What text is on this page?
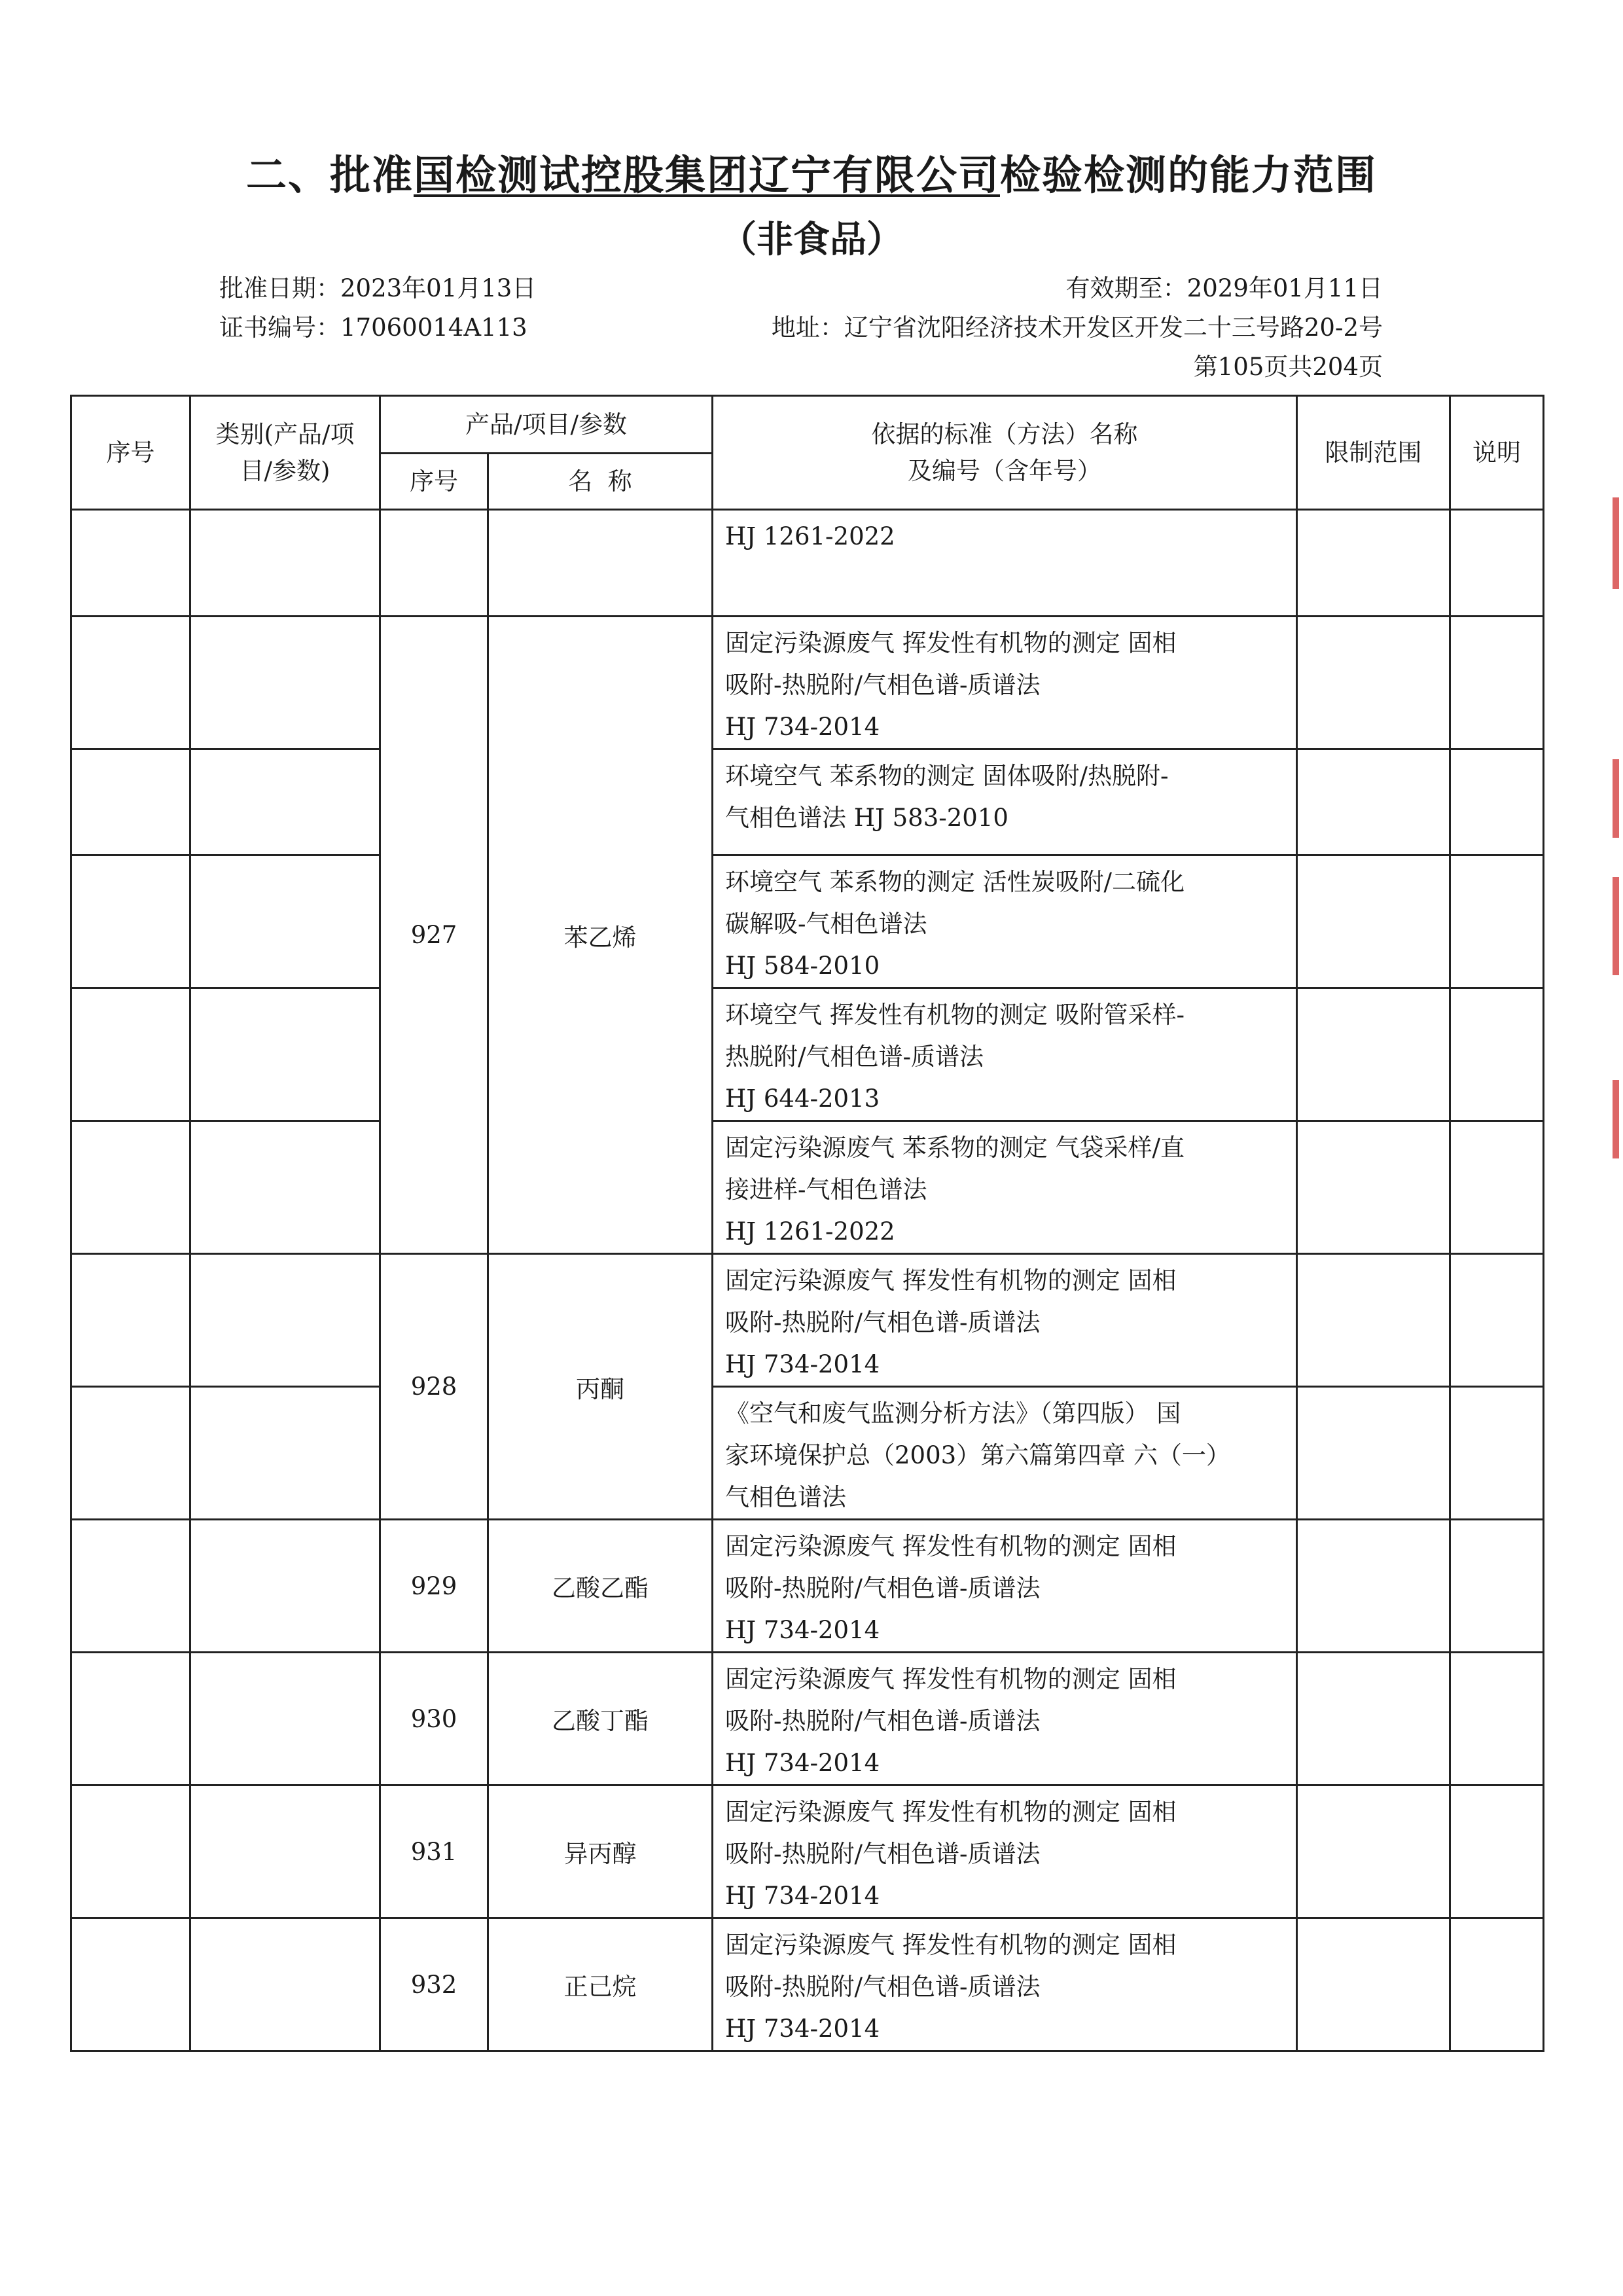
二、批准国检测试控股集团辽宁有限公司检验检测的能力范围
（非食品）
批准日期：2023年01月13日	有效期至：2029年01月11日
证书编号：17060014A113	地址：辽宁省沈阳经济技术开发区开发二十三号路20-2号
第105页共204页
序号	类别(产品/项目/参数)	产品/项目/参数		依据的标准（方法）名称
及编号（含年号）	限制范围	说明
		序号	名  称			

				HJ 1261-2022		

		927	苯乙烯	固定污染源废气 挥发性有机物的测定 固相
吸附-热脱附/气相色谱-质谱法
HJ 734-2014		

				环境空气 苯系物的测定 固体吸附/热脱附-
气相色谱法 HJ 583-2010		

				环境空气 苯系物的测定 活性炭吸附/二硫化
碳解吸-气相色谱法
HJ 584-2010		

				环境空气 挥发性有机物的测定 吸附管采样-
热脱附/气相色谱-质谱法
HJ 644-2013		

				固定污染源废气 苯系物的测定 气袋采样/直
接进样-气相色谱法
HJ 1261-2022		

		928	丙酮	固定污染源废气 挥发性有机物的测定 固相
吸附-热脱附/气相色谱-质谱法
HJ 734-2014		

				《空气和废气监测分析方法》（第四版） 国
家环境保护总（2003）第六篇第四章 六（一）
气相色谱法		

		929	乙酸乙酯	固定污染源废气 挥发性有机物的测定 固相
吸附-热脱附/气相色谱-质谱法
HJ 734-2014		

		930	乙酸丁酯	固定污染源废气 挥发性有机物的测定 固相
吸附-热脱附/气相色谱-质谱法
HJ 734-2014		

		931	异丙醇	固定污染源废气 挥发性有机物的测定 固相
吸附-热脱附/气相色谱-质谱法
HJ 734-2014		

		932	正己烷	固定污染源废气 挥发性有机物的测定 固相
吸附-热脱附/气相色谱-质谱法
HJ 734-2014		
